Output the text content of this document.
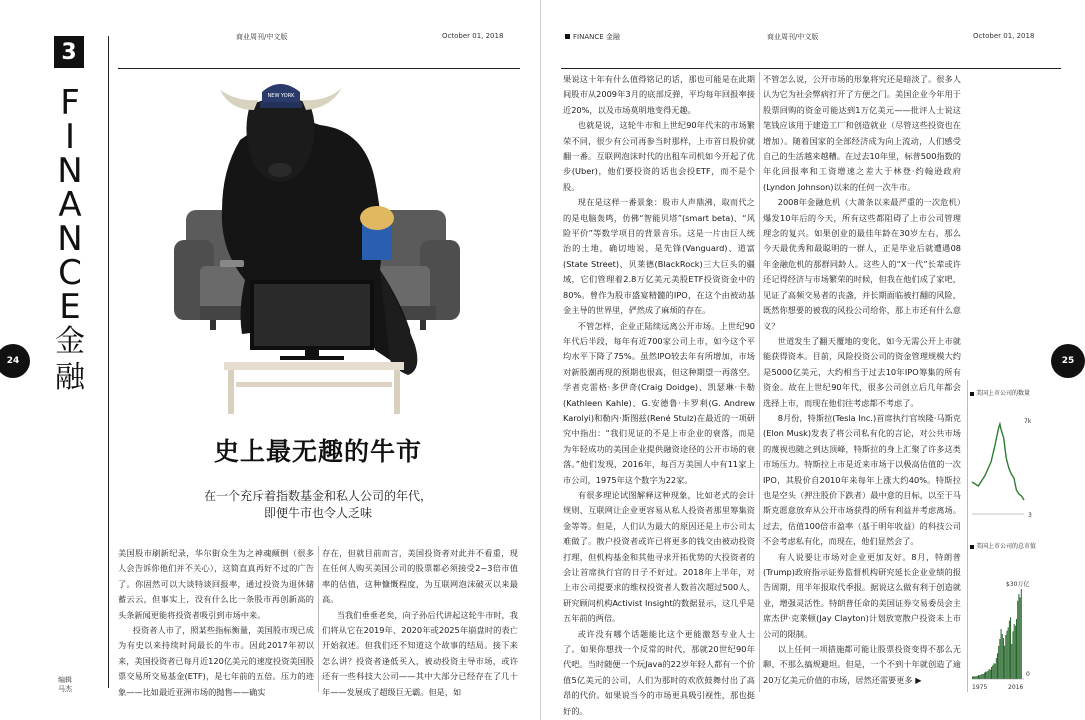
3
F
I
N
A
N
C
E
金
融
商业周刊/中文版	October 01, 2018
24
NEW YORK
史上最无趣的牛市
在一个充斥着指数基金和私人公司的年代，
即便牛市也令人乏味

美国股市刷新纪录，华尔街众生为之神魂颠倒（很多人会告诉你他们并不关心），这简直真再好不过的广告了。你固然可以大谈特谈回报率，通过投资为退休储蓄云云，但事实上，没有什么比一条股市再创新高的头条新闻更能将投资者吸引到市场中来。

投资者人市了，照某些指标衡量，美国股市现已成为有史以来持续时间最长的牛市。因此2017年初以来，美国投资者已每月近120亿美元的速度投资美国股票交易所交易基金(ETF)，是七年前的五倍。压力的迹象——比如最近亚洲市场的抛售——确实

存在，但就目前而言，美国投资者对此并不看重，现在任何人购买美国公司的股票都必须接受2~3倍市值率的估值，这种慷慨程度，为互联网泡沫破灭以来最高。

当我们垂垂老矣，向子孙后代讲起这轮牛市时，我们将从它在2019年、2020年或2025年崩盘时的表亡开始叙述。但我们还不知道这个故事的结局。接下来怎么讲？投资者逢低买入，被动投资主导市场，或许还有一些科技大公司——其中大部分已经存在了几十年——发展成了超级巨无霸。但是，如

编辑
马杰
FINANCE 金融	商业周刊/中文版	October 01, 2018
25

果说这十年有什么值得铭记的话，那也可能是在此期间股市从2009年3月的底部反弹，平均每年回报率接近20%，以及市场莫明地变得无趣。

也就是说，这轮牛市和上世纪90年代末的市场繁荣不同，很少有公司再参当时那样，上市首日股价就翻一番。互联网泡沫时代的出租车司机如今开起了优步(Uber)，他们要投资的话也会投ETF，而不是个股。

现在是这样一番景象：股市人声鼎沸，取而代之的是电脑轰鸣，仿佛“智能贝塔”(smart beta)、“风险平价”等数学项目的背景音乐。这是一片由巨人统治的土地，确切地说，是先锋(Vanguard)、道富(State Street)、贝莱德(BlackRock)三大巨头的疆域，它们管理着2.8万亿美元美股ETF投资资金中的80%。曾作为股市盛宴精髓的IPO，在这个由被动基金主导的世界里，俨然成了麻烦的存在。

不管怎样，企业正陆续远离公开市场。上世纪90年代后半段，每年有近700家公司上市，如今这个平均水平下降了75%。虽然IPO较去年有所增加，市场对新股潮再现的预期也很高，但这种期望一再落空。学者克雷格·多伊奇(Craig Doidge)、凯瑟琳·卡勒(Kathleen Kahle)、G.安德鲁·卡罗利(G. Andrew Karolyi)和勒内·斯图兹(René Stulz)在最近的一项研究中指出：“我们见证的不是上市企业的衰落，而是为年轻成功的美国企业提供融资途径的公开市场的衰落。”他们发现，2016年，每百万美国人中有11家上市公司，1975年这个数字为22家。

有很多理论试图解释这种现象，比如老式的会计规则、互联网让企业更容易从私人投资者那里筹集资金等等。但是，人们认为最大的原因还是上市公司太难做了。散户投资者或许已将更多的钱交由被动投资打理，但机构基金和其他寻求开拓优势的大投资者的会让首席执行官的日子不好过。2018年上半年，对上市公司提要求的维权投资者人数首次超过500人，研究顾问机构Activist Insight的数据显示，这几乎是五年前的两倍。

或许没有哪个话题能比这个更能激怒专业人士了。如果你想找一个反常的时代，那就20世纪90年代吧。当时随便一个玩Java的22岁年轻人都有一个价值5亿美元的公司，人们为那时的欢欣鼓舞付出了高昂的代价。如果说当今的市场更具吸引视性，那也挺好的。

不管怎么说，公开市场的形象将究还是暗淡了。很多人认为它为社会弊病打开了方便之门。美国企业今年用于股票回购的资金可能达到1万亿美元——批评人士说这笔钱应该用于建造工厂和创造就业（尽管这些投资也在增加）。随着国家的全部经济成为向上流动，人们感受自己的生活越来越糟。在过去10年里，标普500指数的年化回报率和工资增速之差大于林登·约翰逊政府(Lyndon Johnson)以来的任何一次牛市。

2008年金融危机（大萧条以来最严重的一次危机）爆发10年后的今天，所有这些都阻碍了上市公司管理理念的复兴。如果创业的最佳年龄在30岁左右，那么今天最优秀和最聪明的一群人，正是毕业后就遭遇08年金融危机的那群同龄人。这些人的“X一代”长辈或许还记得经济与市场繁荣的时候，但我在他们成了家吧，见证了高频交易者的丧盏，并长期面临被打翻的风险，既然你想要的被我的风投公司给你，那上市还有什么意义？

世道发生了翻天覆地的变化，如今无需公开上市就能获得资本。目前，风险投资公司的资金管理规模大约是5000亿美元，大约相当于过去10年IPO筹集的所有资金。故在上世纪90年代，很多公司创立后几年都会选择上市，而现在他们往考虑都不考虑了。

8月份，特斯拉(Tesla Inc.)首席执行官埃隆·马斯克(Elon Musk)发表了将公司私有化的言论，对公共市场的蔑视也随之到达顶峰，特斯拉的身上汇聚了许多这类市场压力。特斯拉上市是近来市场于以极高估值的一次IPO，其股价自2010年来每年上涨大约40%。特斯拉也是空头（押注股价下跌者）最中意的目标，以至于马斯克愿意放弃从公开市场获得的所有利益并考虑离场。过去，估值100倍市盈率（基于明年收益）的科技公司不会考虑私有化，而现在，他们显然会了。

有人说要让市场对企业更加友好。8月，特朗普(Trump)政府指示证券监督机构研究延长企业业绩的报告周期，用半年报取代季报。据说这么做有利于创造就业，增强灵活性。特朗普任命的美国证券交易委员会主席杰伊·克莱顿(Jay Clayton)计划放宽散户投资未上市公司的限制。

以上任何一项措施都可能让股票投资变得不那么无聊、不那么搞规避坦。但是，一个不到十年就创造了逾20万亿美元价值的市场，居然还需要更多 ▶

美国上市公司的数量
7k
3
美国上市公司的总市值
$30万亿
0
1975	2016
